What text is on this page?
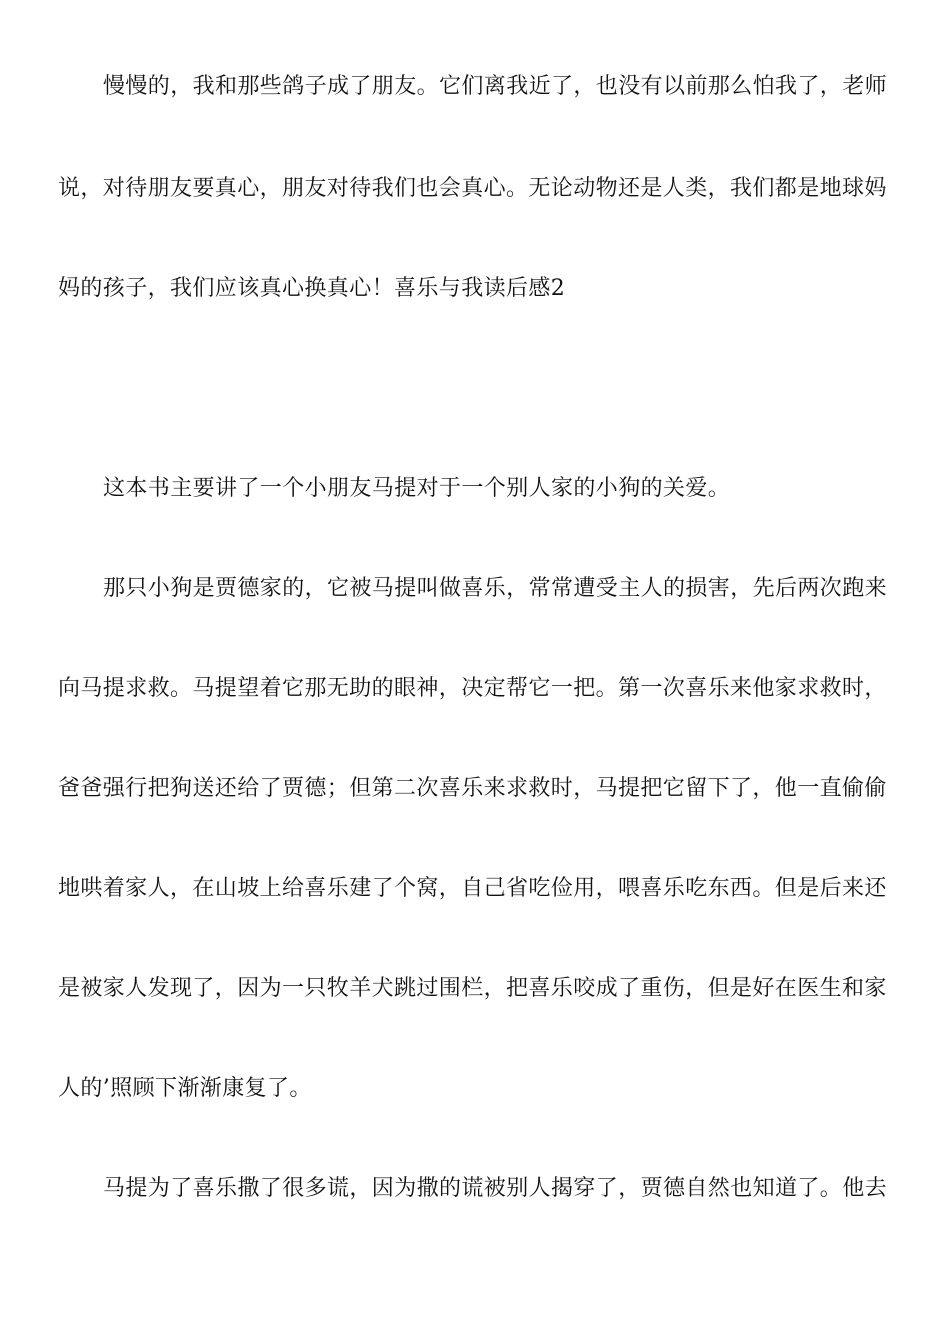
慢慢的，我和那些鸽子成了朋友。它们离我近了，也没有以前那么怕我了，老师
说，对待朋友要真心，朋友对待我们也会真心。无论动物还是人类，我们都是地球妈
妈的孩子，我们应该真心换真心！喜乐与我读后感2
这本书主要讲了一个小朋友马提对于一个别人家的小狗的关爱。
那只小狗是贾德家的，它被马提叫做喜乐，常常遭受主人的损害，先后两次跑来
向马提求救。马提望着它那无助的眼神，决定帮它一把。第一次喜乐来他家求救时，
爸爸强行把狗送还给了贾德；但第二次喜乐来求救时，马提把它留下了，他一直偷偷
地哄着家人，在山坡上给喜乐建了个窝，自己省吃俭用，喂喜乐吃东西。但是后来还
是被家人发现了，因为一只牧羊犬跳过围栏，把喜乐咬成了重伤，但是好在医生和家
人的’照顾下渐渐康复了。
马提为了喜乐撒了很多谎，因为撒的谎被别人揭穿了，贾德自然也知道了。他去
